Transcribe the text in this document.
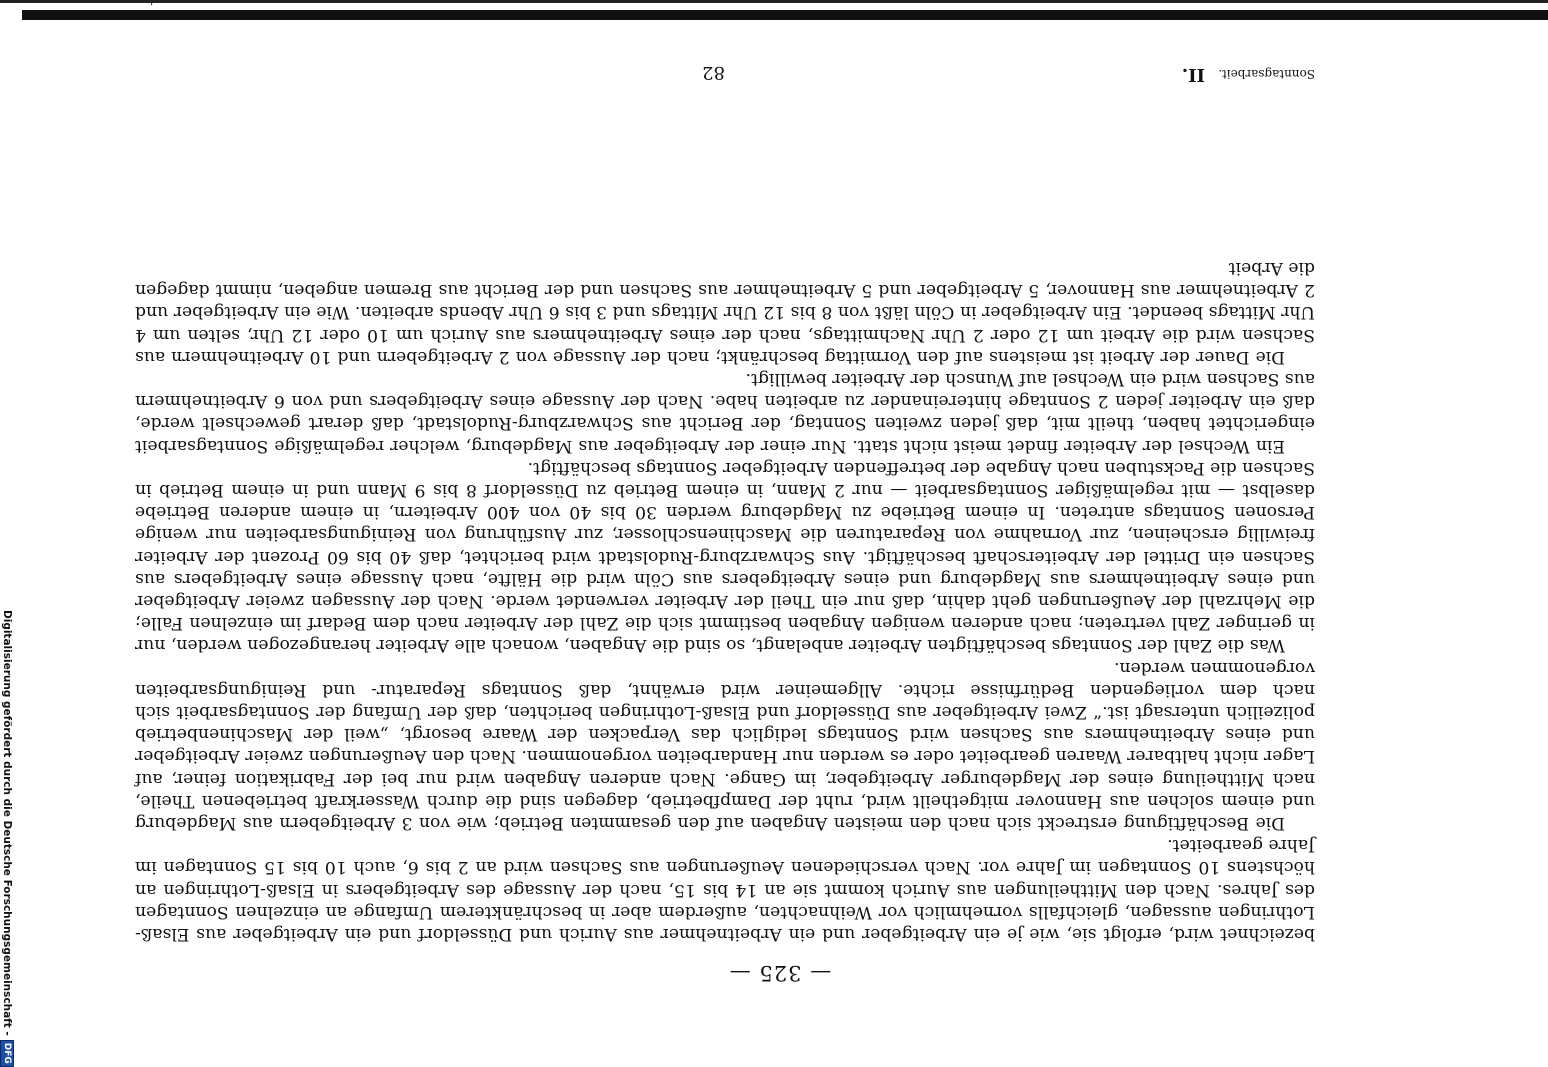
'
— 325 —

bezeichnet wird, erfolgt sie, wie je ein Arbeitgeber und ein Arbeitnehmer aus Aurich und Düsseldorf und ein Arbeitgeber aus Elsaß-Lothringen aussagen, gleichfalls vornehmlich vor Weihnachten, außerdem aber in beschränkterem Umfange an einzelnen Sonntagen des Jahres. Nach den Mittheilungen aus Aurich kommt sie an 14 bis 15, nach der Aussage des Arbeitgebers in Elsaß-Lothringen an höchstens 10 Sonntagen im Jahre vor. Nach verschiedenen Aeußerungen aus Sachsen wird an 2 bis 6, auch 10 bis 15 Sonntagen im Jahre gearbeitet.

Die Beschäftigung erstreckt sich nach den meisten Angaben auf den gesammten Betrieb; wie von 3 Arbeitgebern aus Magdeburg und einem solchen aus Hannover mitgetheilt wird, ruht der Dampfbetrieb, dagegen sind die durch Wasserkraft betriebenen Theile, nach Mittheilung eines der Magdeburger Arbeitgeber, im Gange. Nach anderen Angaben wird nur bei der Fabrikation feiner, auf Lager nicht haltbarer Waaren gearbeitet oder es werden nur Handarbeiten vorgenommen. Nach den Aeußerungen zweier Arbeitgeber und eines Arbeitnehmers aus Sachsen wird Sonntags lediglich das Verpacken der Waare besorgt, „weil der Maschinenbetrieb polizeilich untersagt ist.“ Zwei Arbeitgeber aus Düsseldorf und Elsaß-Lothringen berichten, daß der Umfang der Sonntagsarbeit sich nach dem vorliegenden Bedürfnisse richte. Allgemeiner wird erwähnt, daß Sonntags Reparatur- und Reinigungsarbeiten vorgenommen werden.

Was die Zahl der Sonntags beschäftigten Arbeiter anbelangt, so sind die Angaben, wonach alle Arbeiter herangezogen werden, nur in geringer Zahl vertreten; nach anderen wenigen Angaben bestimmt sich die Zahl der Arbeiter nach dem Bedarf im einzelnen Falle; die Mehrzahl der Aeußerungen geht dahin, daß nur ein Theil der Arbeiter verwendet werde. Nach der Aussagen zweier Arbeitgeber und eines Arbeitnehmers aus Magdeburg und eines Arbeitgebers aus Cöln wird die Hälfte, nach Aussage eines Arbeitgebers aus Sachsen ein Drittel der Arbeiterschaft beschäftigt. Aus Schwarzburg-Rudolstadt wird berichtet, daß 40 bis 60 Prozent der Arbeiter freiwillig erscheinen, zur Vornahme von Reparaturen die Maschinenschlosser, zur Ausführung von Reinigungsarbeiten nur wenige Personen Sonntags antreten. In einem Betriebe zu Magdeburg werden 30 bis 40 von 400 Arbeitern, in einem anderen Betriebe daselbst — mit regelmäßiger Sonntagsarbeit — nur 2 Mann, in einem Betrieb zu Düsseldorf 8 bis 9 Mann und in einem Betrieb in Sachsen die Packstuben nach Angabe der betreffenden Arbeitgeber Sonntags beschäftigt.

Ein Wechsel der Arbeiter findet meist nicht statt. Nur einer der Arbeitgeber aus Magdeburg, welcher regelmäßige Sonntagsarbeit eingerichtet haben, theilt mit, daß jeden zweiten Sonntag, der Bericht aus Schwarzburg-Rudolstadt, daß derart gewechselt werde, daß ein Arbeiter jeden 2 Sonntage hintereinander zu arbeiten habe. Nach der Aussage eines Arbeitgebers und von 6 Arbeitnehmern aus Sachsen wird ein Wechsel auf Wunsch der Arbeiter bewilligt.

Die Dauer der Arbeit ist meistens auf den Vormittag beschränkt; nach der Aussage von 2 Arbeitgebern und 10 Arbeitnehmern aus Sachsen wird die Arbeit um 12 oder 2 Uhr Nachmittags, nach der eines Arbeitnehmers aus Aurich um 10 oder 12 Uhr, selten um 4 Uhr Mittags beendet. Ein Arbeitgeber in Cöln läßt von 8 bis 12 Uhr Mittags und 3 bis 6 Uhr Abends arbeiten. Wie ein Arbeitgeber und 2 Arbeitnehmer aus Hannover, 5 Arbeitgeber und 5 Arbeitnehmer aus Sachsen und der Bericht aus Bremen angeben, nimmt dagegen die Arbeit

Sonntagsarbeit.
II.
82
Digitalisierung gefördert durch die Deutsche Forschungsgemeinschaft -
DFG
